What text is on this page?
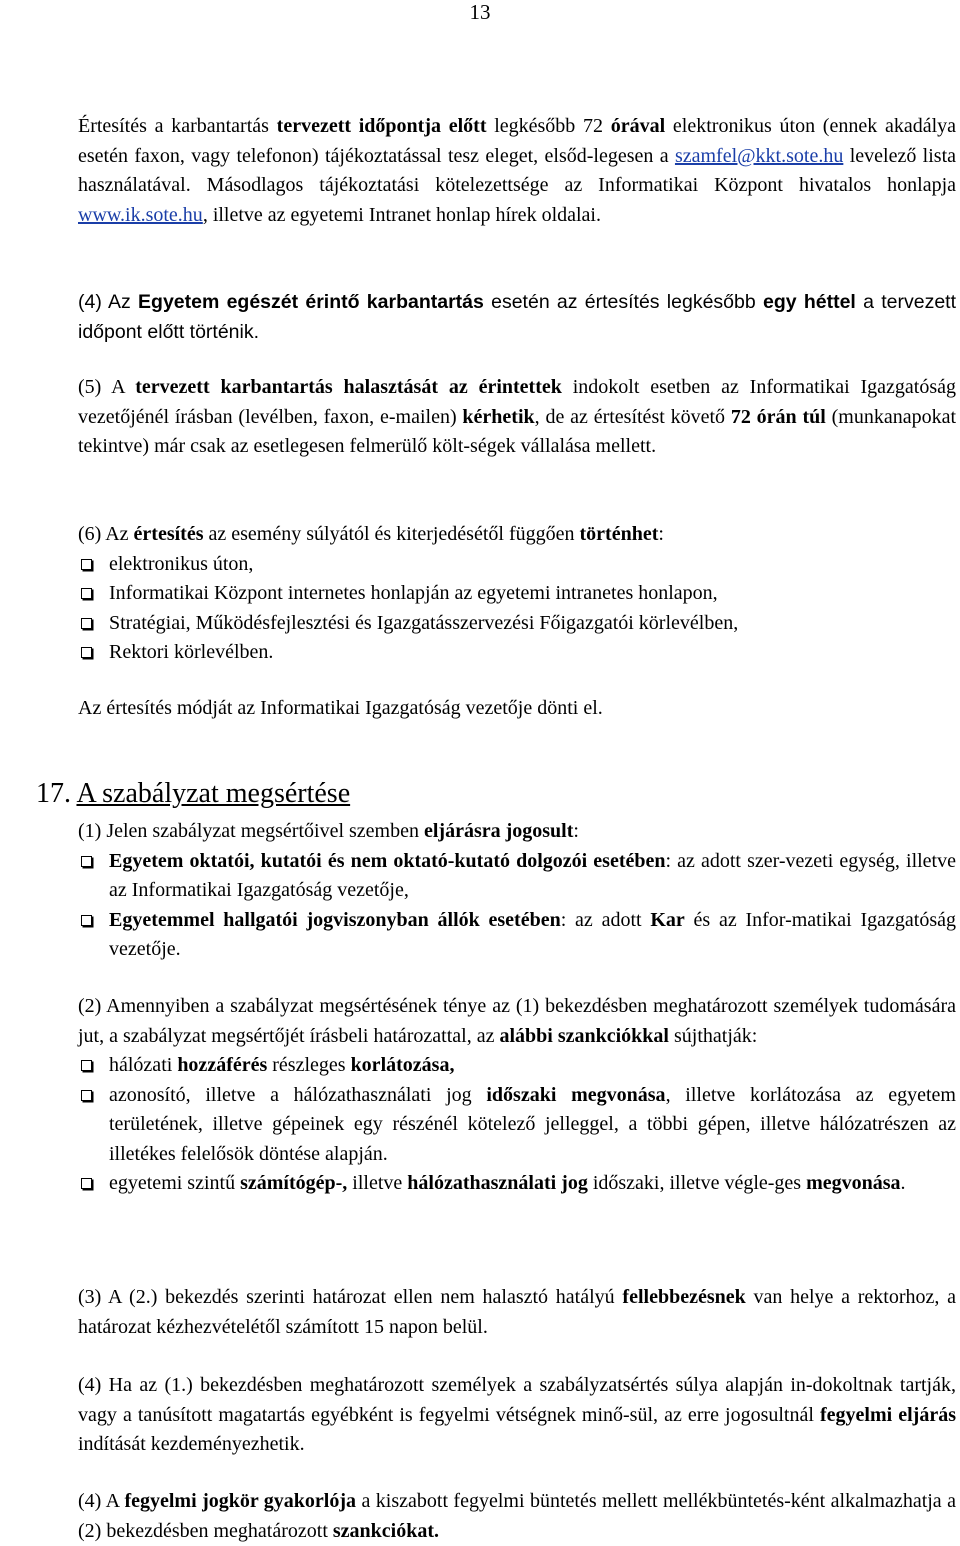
13
Értesítés a karbantartás tervezett időpontja előtt legkésőbb 72 órával elektronikus úton (ennek akadálya esetén faxon, vagy telefonon) tájékoztatással tesz eleget, elsőd-legesen a szamfel@kkt.sote.hu levelező lista használatával. Másodlagos tájékoztatási kötelezettsége az Informatikai Központ hivatalos honlapja www.ik.sote.hu, illetve az egyetemi Intranet honlap hírek oldalai.
(4) Az Egyetem egészét érintő karbantartás esetén az értesítés legkésőbb egy héttel a tervezett időpont előtt történik.
(5) A tervezett karbantartás halasztását az érintettek indokolt esetben az Informatikai Igazgatóság vezetőjénél írásban (levélben, faxon, e-mailen) kérhetik, de az értesítést követő 72 órán túl (munkanapokat tekintve) már csak az esetlegesen felmerülő költ-ségek vállalása mellett.
(6) Az értesítés az esemény súlyától és kiterjedésétől függően történhet:
elektronikus úton,
Informatikai Központ internetes honlapján az egyetemi intranetes honlapon,
Stratégiai, Működésfejlesztési és Igazgatásszervezési Főigazgatói körlevélben,
Rektori körlevélben.
Az értesítés módját az Informatikai Igazgatóság vezetője dönti el.
17. A szabályzat megsértése
(1) Jelen szabályzat megsértőivel szemben eljárásra jogosult:
Egyetem oktatói, kutatói és nem oktató-kutató dolgozói esetében: az adott szer-vezeti egység, illetve az Informatikai Igazgatóság vezetője,
Egyetemmel hallgatói jogviszonyban állók esetében: az adott Kar és az Infor-matikai Igazgatóság vezetője.
(2) Amennyiben a szabályzat megsértésének ténye az (1) bekezdésben meghatározott személyek tudomására jut, a szabályzat megsértőjét írásbeli határozattal, az alábbi szankciókkal sújthatják:
hálózati hozzáférés részleges korlátozása,
azonosító, illetve a hálózathasználati jog időszaki megvonása, illetve korlátozása az egyetem területének, illetve gépeinek egy részénél kötelező jelleggel, a többi gépen, illetve hálózatrészen az illetékes felelősök döntése alapján.
egyetemi szintű számítógép-, illetve hálózathasználati jog időszaki, illetve végle-ges megvonása.
(3) A (2.) bekezdés szerinti határozat ellen nem halasztó hatályú fellebbezésnek van helye a rektorhoz, a határozat kézhezvételétől számított 15 napon belül.
(4) Ha az (1.) bekezdésben meghatározott személyek a szabályzatsértés súlya alapján in-dokoltnak tartják, vagy a tanúsított magatartás egyébként is fegyelmi vétségnek minő-sül, az erre jogosultnál fegyelmi eljárás indítását kezdeményezhetik.
(4) A fegyelmi jogkör gyakorlója a kiszabott fegyelmi büntetés mellett mellékbüntetés-ként alkalmazhatja a (2) bekezdésben meghatározott szankciókat.
